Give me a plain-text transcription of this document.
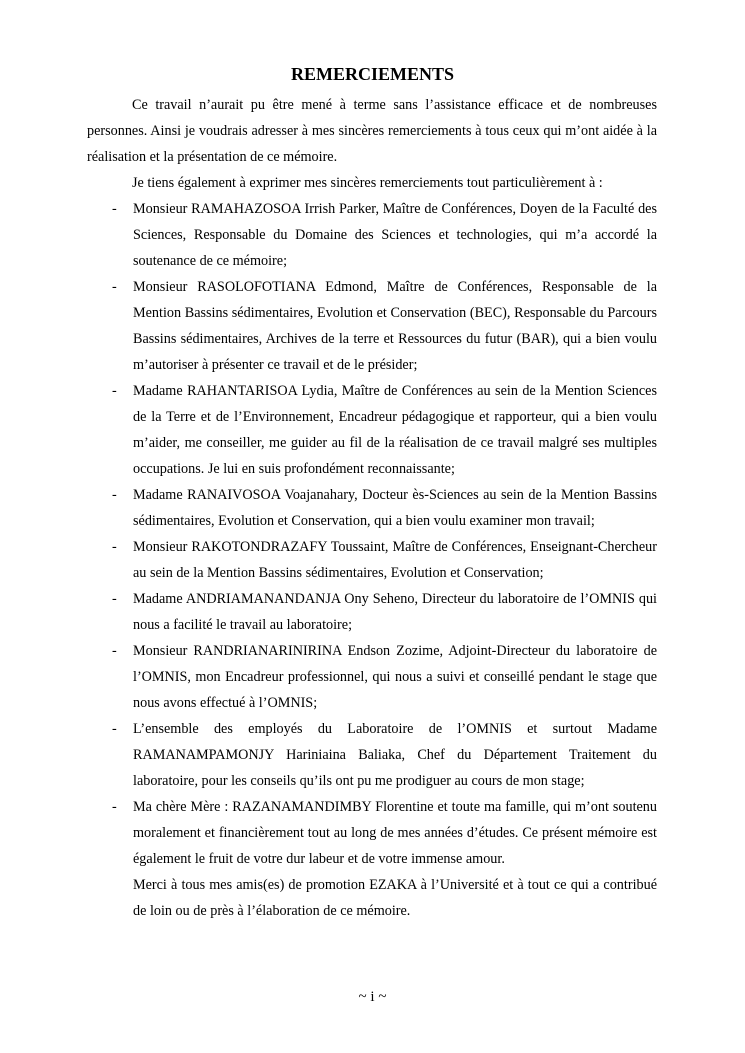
REMERCIEMENTS

Ce travail n’aurait pu être mené à terme sans l’assistance efficace et de nombreuses personnes. Ainsi je voudrais adresser à mes sincères remerciements à tous ceux qui m’ont aidée à la réalisation et la présentation de ce mémoire.

Je tiens également à exprimer mes sincères remerciements tout particulièrement à :

- Monsieur RAMAHAZOSOA Irrish Parker, Maître de Conférences, Doyen de la Faculté des Sciences, Responsable du Domaine des Sciences et technologies, qui m’a accordé la soutenance de ce mémoire;
- Monsieur RASOLOFOTIANA Edmond, Maître de Conférences, Responsable de la Mention Bassins sédimentaires, Evolution et Conservation (BEC), Responsable du Parcours Bassins sédimentaires, Archives de la terre et Ressources du futur (BAR), qui a bien voulu m’autoriser à présenter ce travail et de le présider;
- Madame RAHANTARISOA Lydia, Maître de Conférences au sein de la Mention Sciences de la Terre et de l’Environnement, Encadreur pédagogique et rapporteur, qui a bien voulu m’aider, me conseiller, me guider au fil de la réalisation de ce travail malgré ses multiples occupations. Je lui en suis profondément reconnaissante;
- Madame RANAIVOSOA Voajanahary, Docteur ès-Sciences au sein de la Mention Bassins sédimentaires, Evolution et Conservation, qui a bien voulu examiner mon travail;
- Monsieur RAKOTONDRAZAFY Toussaint, Maître de Conférences, Enseignant-Chercheur au sein de la Mention Bassins sédimentaires, Evolution et Conservation;
- Madame ANDRIAMANANDANJA Ony Seheno, Directeur du laboratoire de l’OMNIS qui nous a facilité le travail au laboratoire;
- Monsieur RANDRIANARINIRINA Endson Zozime, Adjoint-Directeur du laboratoire de l’OMNIS, mon Encadreur professionnel, qui nous a suivi et conseillé pendant le stage que nous avons effectué à l’OMNIS;
- L’ensemble des employés du Laboratoire de l’OMNIS et surtout Madame RAMANAMPAMONJY Hariniaina Baliaka, Chef du Département Traitement du laboratoire, pour les conseils qu’ils ont pu me prodiguer au cours de mon stage;
- Ma chère Mère : RAZANAMANDIMBY Florentine et toute ma famille, qui m’ont soutenu moralement et financièrement tout au long de mes années d’études. Ce présent mémoire est également le fruit de votre dur labeur et de votre immense amour.

Merci à tous mes amis(es) de promotion EZAKA à l’Université et à tout ce qui a contribué de loin ou de près à l’élaboration de ce mémoire.

~ i ~
